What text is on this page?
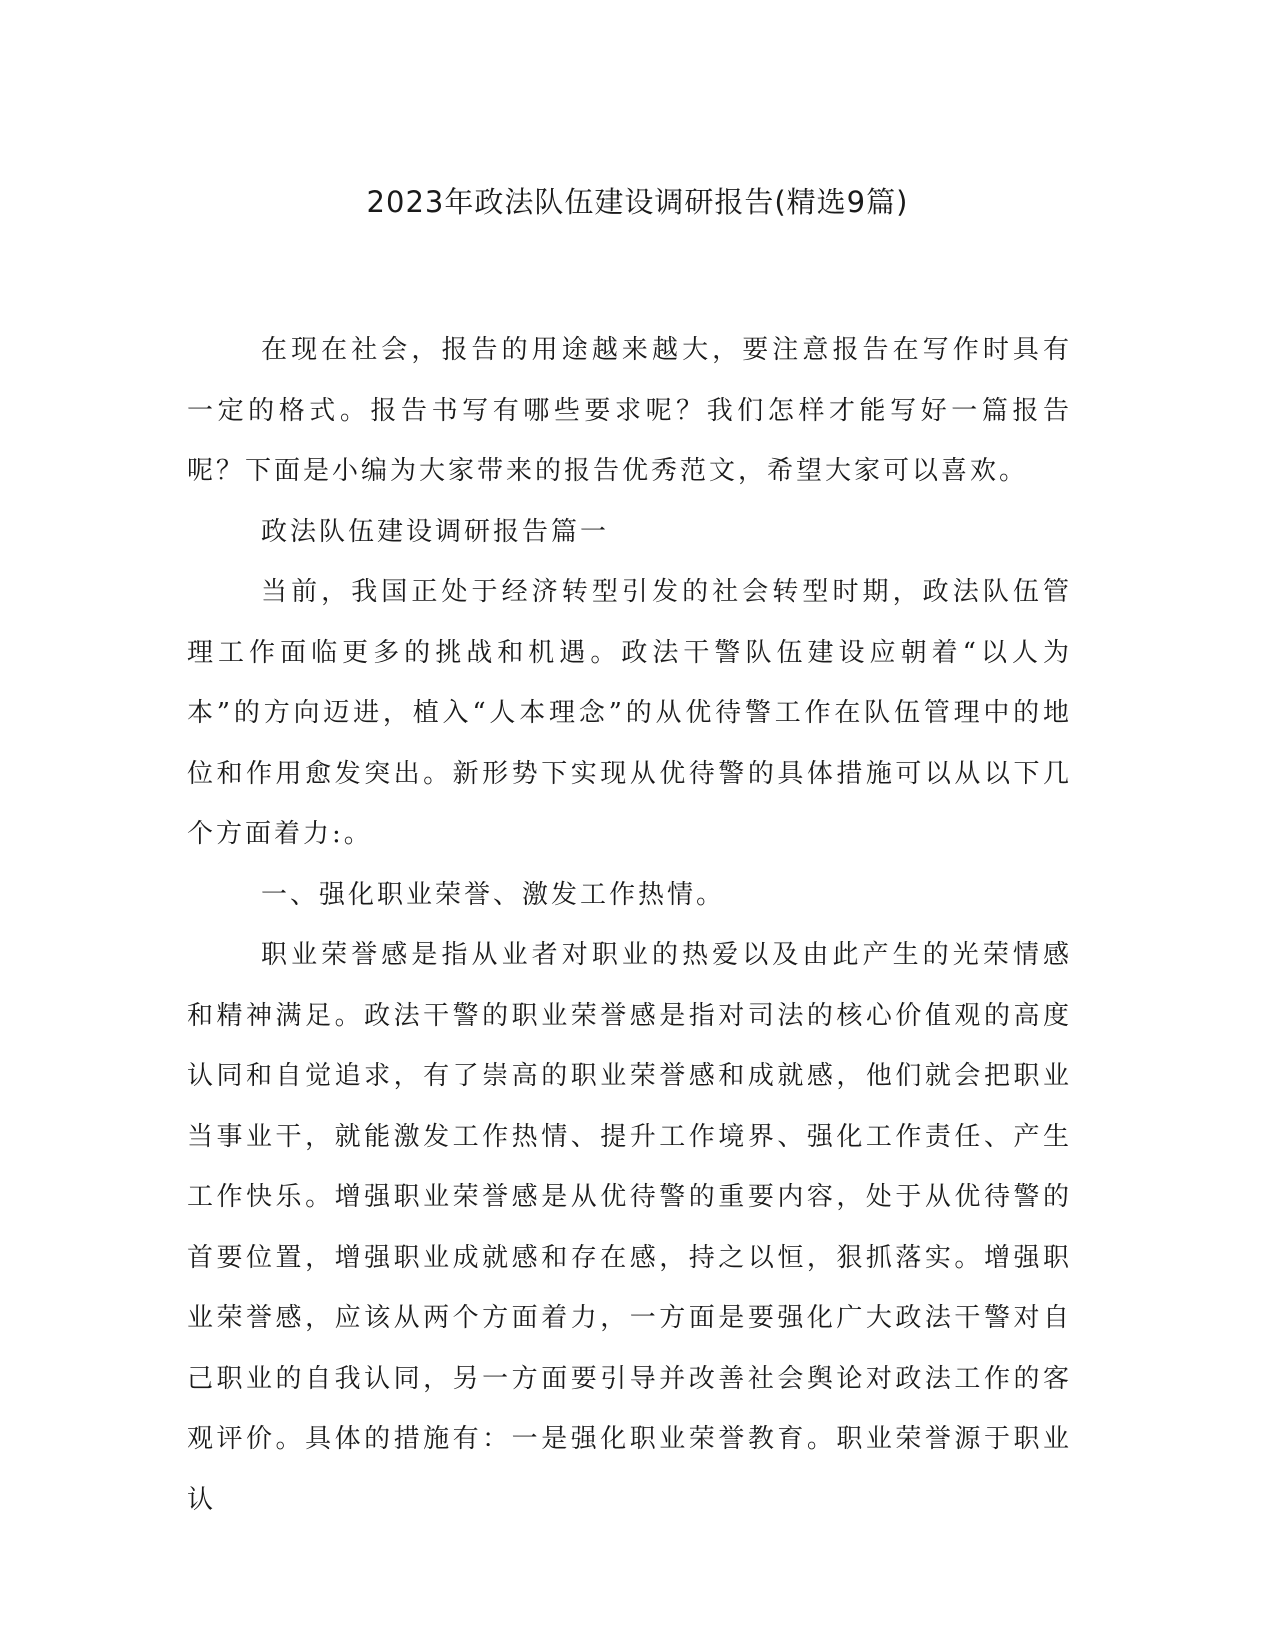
2023年政法队伍建设调研报告(精选9篇)

在现在社会，报告的用途越来越大，要注意报告在写作时具有一定的格式。报告书写有哪些要求呢？我们怎样才能写好一篇报告呢？下面是小编为大家带来的报告优秀范文，希望大家可以喜欢。

政法队伍建设调研报告篇一

当前，我国正处于经济转型引发的社会转型时期，政法队伍管理工作面临更多的挑战和机遇。政法干警队伍建设应朝着“以人为本”的方向迈进，植入“人本理念”的从优待警工作在队伍管理中的地位和作用愈发突出。新形势下实现从优待警的具体措施可以从以下几个方面着力:。

一、强化职业荣誉、激发工作热情。

职业荣誉感是指从业者对职业的热爱以及由此产生的光荣情感和精神满足。政法干警的职业荣誉感是指对司法的核心价值观的高度认同和自觉追求，有了崇高的职业荣誉感和成就感，他们就会把职业当事业干，就能激发工作热情、提升工作境界、强化工作责任、产生工作快乐。增强职业荣誉感是从优待警的重要内容，处于从优待警的首要位置，增强职业成就感和存在感，持之以恒，狠抓落实。增强职业荣誉感，应该从两个方面着力，一方面是要强化广大政法干警对自己职业的自我认同，另一方面要引导并改善社会舆论对政法工作的客观评价。具体的措施有：一是强化职业荣誉教育。职业荣誉源于职业认
